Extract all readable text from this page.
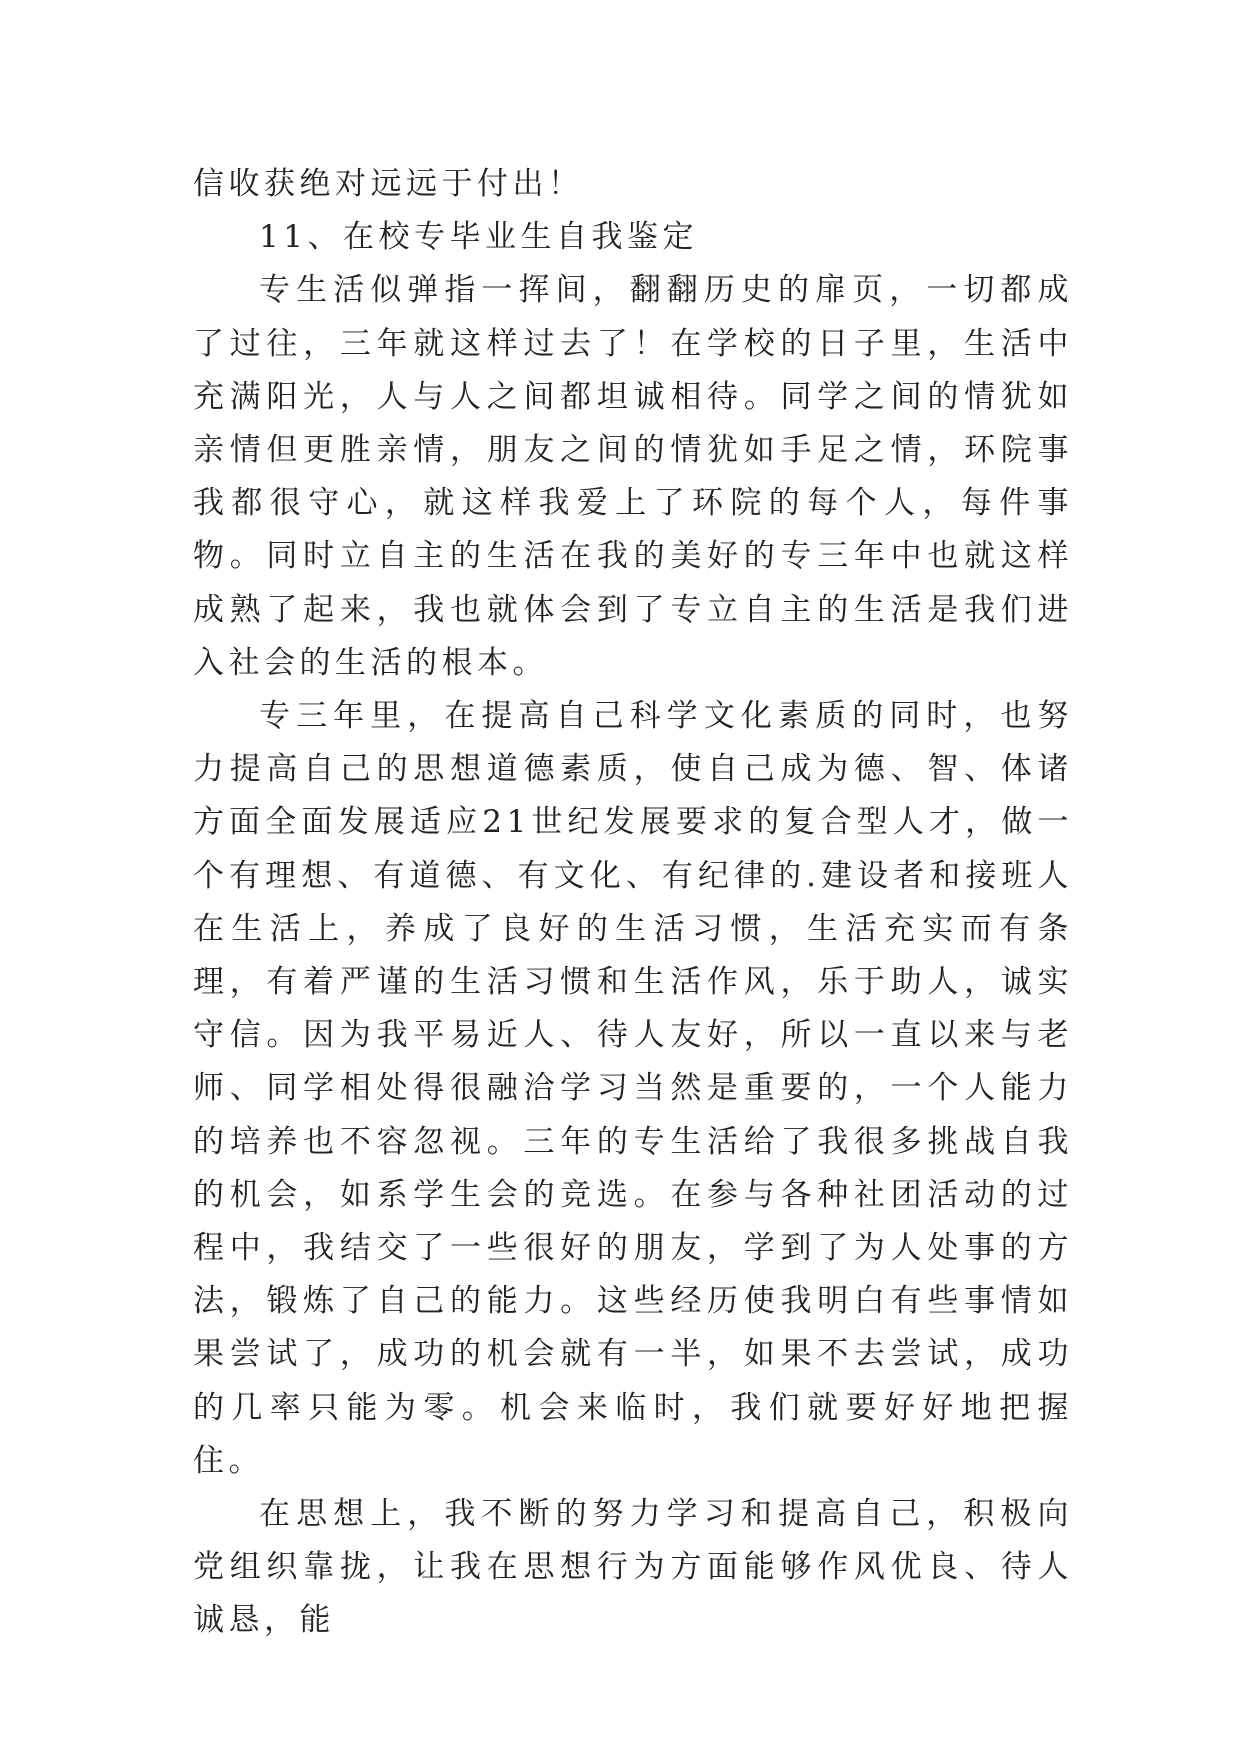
信收获绝对远远于付出！

11、在校专毕业生自我鉴定

专生活似弹指一挥间，翻翻历史的扉页，一切都成了过往，三年就这样过去了！在学校的日子里，生活中充满阳光，人与人之间都坦诚相待。同学之间的情犹如亲情但更胜亲情，朋友之间的情犹如手足之情，环院事我都很守心，就这样我爱上了环院的每个人，每件事物。同时立自主的生活在我的美好的专三年中也就这样成熟了起来，我也就体会到了专立自主的生活是我们进入社会的生活的根本。

专三年里，在提高自己科学文化素质的同时，也努力提高自己的思想道德素质，使自己成为德、智、体诸方面全面发展适应21世纪发展要求的复合型人才，做一个有理想、有道德、有文化、有纪律的.建设者和接班人在生活上，养成了良好的生活习惯，生活充实而有条理，有着严谨的生活习惯和生活作风，乐于助人，诚实守信。因为我平易近人、待人友好，所以一直以来与老师、同学相处得很融洽学习当然是重要的，一个人能力的培养也不容忽视。三年的专生活给了我很多挑战自我的机会，如系学生会的竞选。在参与各种社团活动的过程中，我结交了一些很好的朋友，学到了为人处事的方法，锻炼了自己的能力。这些经历使我明白有些事情如果尝试了，成功的机会就有一半，如果不去尝试，成功的几率只能为零。机会来临时，我们就要好好地把握住。

在思想上，我不断的努力学习和提高自己，积极向党组织靠拢，让我在思想行为方面能够作风优良、待人诚恳，能
